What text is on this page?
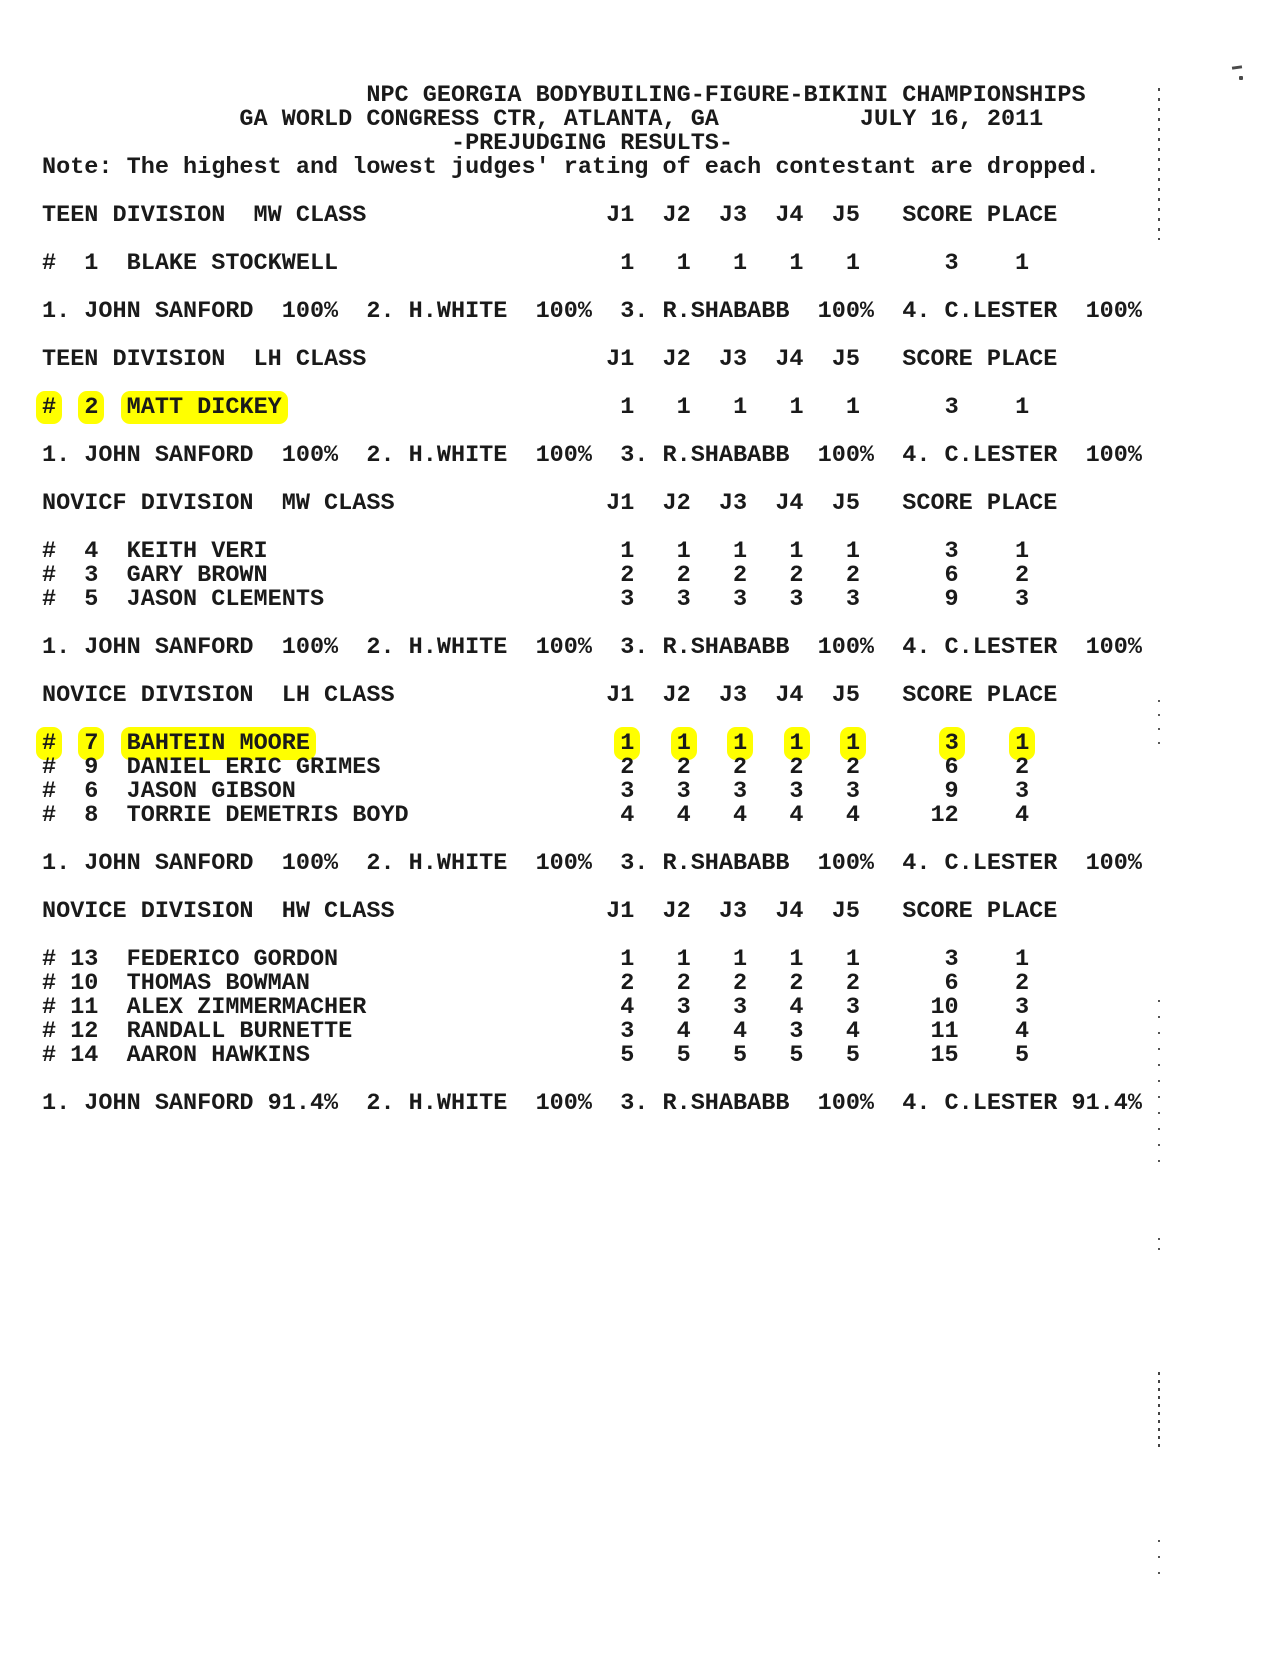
NPC GEORGIA BODYBUILING-FIGURE-BIKINI CHAMPIONSHIPS
GA WORLD CONGRESS CTR, ATLANTA, GA          JULY 16, 2011
-PREJUDGING RESULTS-
Note: The highest and lowest judges' rating of each contestant are dropped.
TEEN DIVISION  MW CLASS                 J1  J2  J3  J4  J5   SCORE PLACE
#  1  BLAKE STOCKWELL                    1   1   1   1   1      3    1
1. JOHN SANFORD  100%  2. H.WHITE  100%  3. R.SHABABB  100%  4. C.LESTER  100%
TEEN DIVISION  LH CLASS                 J1  J2  J3  J4  J5   SCORE PLACE
# 2 MATT DICKEY	1   1   1   1   1      3    1
1. JOHN SANFORD  100%  2. H.WHITE  100%  3. R.SHABABB  100%  4. C.LESTER  100%
NOVICF DIVISION  MW CLASS               J1  J2  J3  J4  J5   SCORE PLACE
#  4  KEITH VERI                         1   1   1   1   1      3    1
#  3  GARY BROWN                         2   2   2   2   2      6    2
#  5  JASON CLEMENTS                     3   3   3   3   3      9    3
1. JOHN SANFORD  100%  2. H.WHITE  100%  3. R.SHABABB  100%  4. C.LESTER  100%
NOVICE DIVISION  LH CLASS               J1  J2  J3  J4  J5   SCORE PLACE
# 7 BAHTEIN MOORE	1 1 1 1 1	3 1
#  9  DANIEL ERIC GRIMES                 2   2   2   2   2      6    2
#  6  JASON GIBSON                       3   3   3   3   3      9    3
#  8  TORRIE DEMETRIS BOYD               4   4   4   4   4     12    4
1. JOHN SANFORD  100%  2. H.WHITE  100%  3. R.SHABABB  100%  4. C.LESTER  100%
NOVICE DIVISION  HW CLASS               J1  J2  J3  J4  J5   SCORE PLACE
# 13  FEDERICO GORDON                    1   1   1   1   1      3    1
# 10  THOMAS BOWMAN                      2   2   2   2   2      6    2
# 11  ALEX ZIMMERMACHER                  4   3   3   4   3     10    3
# 12  RANDALL BURNETTE                   3   4   4   3   4     11    4
# 14  AARON HAWKINS                      5   5   5   5   5     15    5
1. JOHN SANFORD 91.4%  2. H.WHITE  100%  3. R.SHABABB  100%  4. C.LESTER 91.4%
